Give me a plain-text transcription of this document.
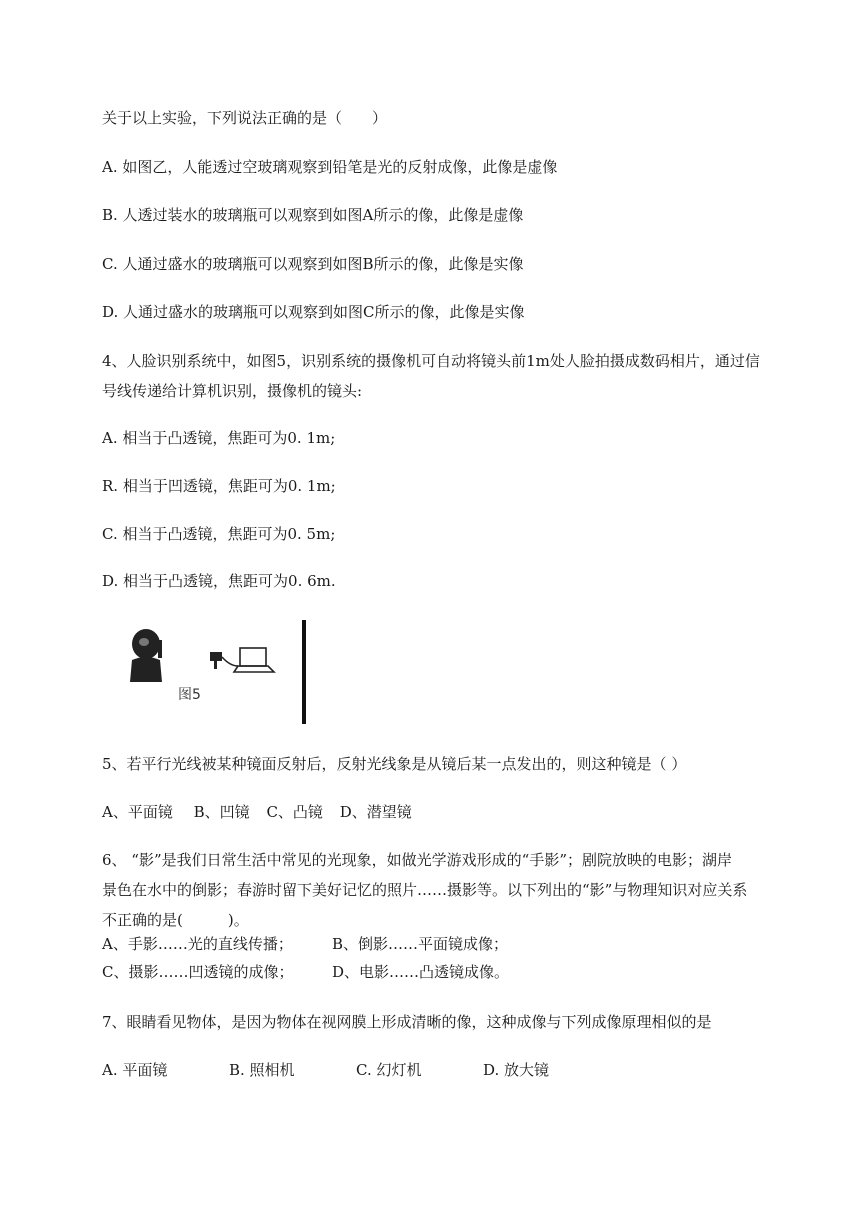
关于以上实验，下列说法正确的是（　　）
A. 如图乙，人能透过空玻璃观察到铅笔是光的反射成像，此像是虚像
B. 人透过装水的玻璃瓶可以观察到如图A所示的像，此像是虚像
C. 人通过盛水的玻璃瓶可以观察到如图B所示的像，此像是实像
D. 人通过盛水的玻璃瓶可以观察到如图C所示的像，此像是实像
4、人脸识别系统中，如图5，识别系统的摄像机可自动将镜头前1m处人脸拍摄成数码相片，通过信
号线传递给计算机识别，摄像机的镜头:
A. 相当于凸透镜，焦距可为0. 1m;
R. 相当于凹透镜，焦距可为0. 1m;
C. 相当于凸透镜，焦距可为0. 5m;
D. 相当于凸透镜，焦距可为0. 6m.
图5
5、若平行光线被某种镜面反射后，反射光线象是从镜后某一点发出的，则这种镜是（ ）
A、平面镜 B、凹镜 C、凸镜 D、潜望镜
6、 “影”是我们日常生活中常见的光现象，如做光学游戏形成的“手影”；剧院放映的电影；湖岸
景色在水中的倒影；春游时留下美好记忆的照片……摄影等。以下列出的“影”与物理知识对应关系
不正确的是(　　　)。
A、手影……光的直线传播；	B、倒影……平面镜成像；
C、摄影……凹透镜的成像；	D、电影……凸透镜成像。
7、眼睛看见物体，是因为物体在视网膜上形成清晰的像，这种成像与下列成像原理相似的是
A. 平面镜	B. 照相机	C. 幻灯机	D. 放大镜
